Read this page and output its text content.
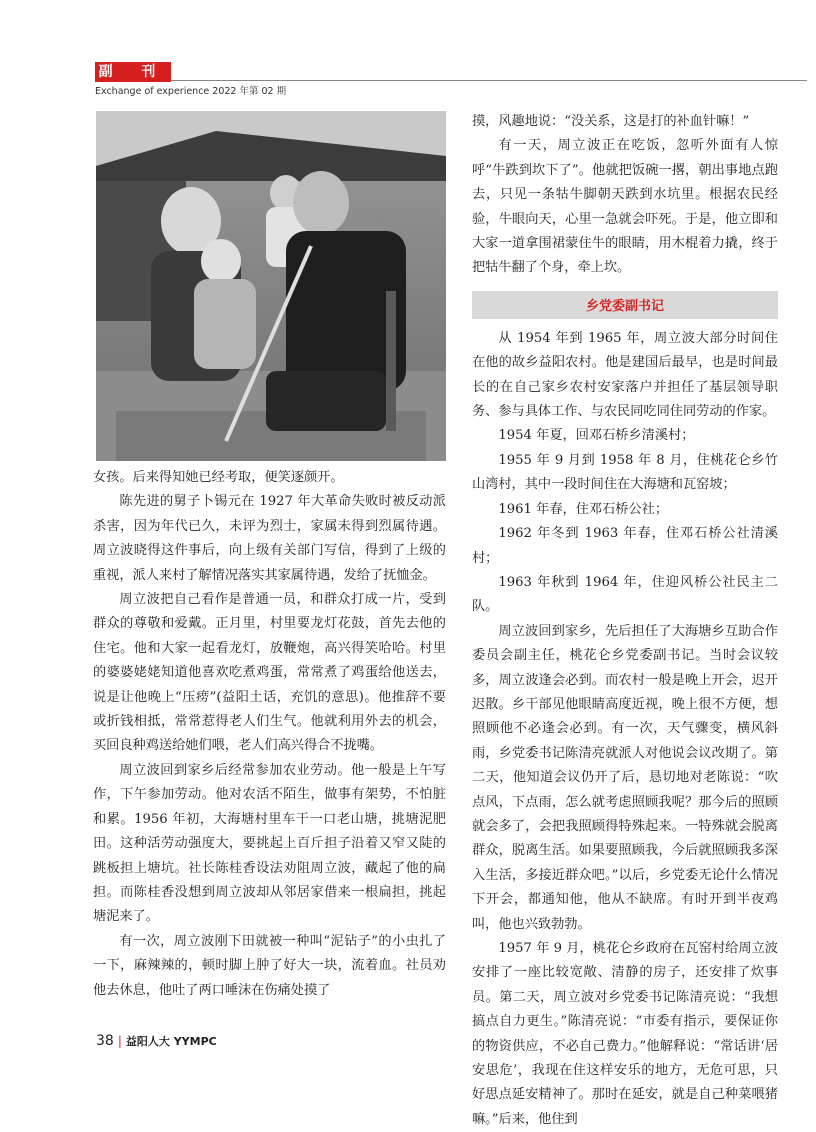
副 刊
Exchange of experience 2022 年第 02 期

女孩。后来得知她已经考取，便笑逐颜开。

陈先进的舅子卜锡元在 1927 年大革命失败时被反动派杀害，因为年代已久，未评为烈士，家属未得到烈属待遇。周立波晓得这件事后，向上级有关部门写信，得到了上级的重视，派人来村了解情况落实其家属待遇，发给了抚恤金。

周立波把自己看作是普通一员，和群众打成一片，受到群众的尊敬和爱戴。正月里，村里要龙灯花鼓，首先去他的住宅。他和大家一起看龙灯，放鞭炮，高兴得笑哈哈。村里的婆婆姥姥知道他喜欢吃煮鸡蛋，常常煮了鸡蛋给他送去，说是让他晚上“压痨”(益阳土话，充饥的意思)。他推辞不要或折钱相抵，常常惹得老人们生气。他就利用外去的机会，买回良种鸡送给她们喂，老人们高兴得合不拢嘴。

周立波回到家乡后经常参加农业劳动。他一般是上午写作，下午参加劳动。他对农活不陌生，做事有架势，不怕脏和累。1956 年初，大海塘村里车干一口老山塘，挑塘泥肥田。这种活劳动强度大，要挑起上百斤担子沿着又窄又陡的跳板担上塘坑。社长陈桂香设法劝阻周立波，藏起了他的扁担。而陈桂香没想到周立波却从邻居家借来一根扁担，挑起塘泥来了。

有一次，周立波刚下田就被一种叫“泥钻子”的小虫扎了一下，麻辣辣的，顿时脚上肿了好大一块，流着血。社员劝他去休息，他吐了两口唾沫在伤痛处摸了

摸，风趣地说：“没关系，这是打的补血针嘛！”

有一天，周立波正在吃饭，忽听外面有人惊呼“牛跌到坎下了”。他就把饭碗一撂，朝出事地点跑去，只见一条牯牛脚朝天跌到水坑里。根据农民经验，牛眼向天，心里一急就会吓死。于是，他立即和大家一道拿围裙蒙住牛的眼睛，用木棍着力撬，终于把牯牛翻了个身，牵上坎。

乡党委副书记

从 1954 年到 1965 年，周立波大部分时间住在他的故乡益阳农村。他是建国后最早，也是时间最长的在自己家乡农村安家落户并担任了基层领导职务、参与具体工作、与农民同吃同住同劳动的作家。

1954 年夏，回邓石桥乡清溪村；

1955 年 9 月到 1958 年 8 月，住桃花仑乡竹山湾村，其中一段时间住在大海塘和瓦窑坡；

1961 年春，住邓石桥公社；

1962 年冬到 1963 年春，住邓石桥公社清溪村；

1963 年秋到 1964 年，住迎风桥公社民主二队。

周立波回到家乡，先后担任了大海塘乡互助合作委员会副主任，桃花仑乡党委副书记。当时会议较多，周立波逢会必到。而农村一般是晚上开会，迟开迟散。乡干部见他眼睛高度近视，晚上很不方便，想照顾他不必逢会必到。有一次，天气骤变，横风斜雨，乡党委书记陈清亮就派人对他说会议改期了。第二天，他知道会议仍开了后，恳切地对老陈说：“吹点风，下点雨，怎么就考虑照顾我呢？那今后的照顾就会多了，会把我照顾得特殊起来。一特殊就会脱离群众，脱离生活。如果要照顾我，今后就照顾我多深入生活，多接近群众吧。”以后，乡党委无论什么情况下开会，都通知他，他从不缺席。有时开到半夜鸡叫，他也兴致勃勃。

1957 年 9 月，桃花仑乡政府在瓦窑村给周立波安排了一座比较宽敞、清静的房子，还安排了炊事员。第二天，周立波对乡党委书记陈清亮说：“我想搞点自力更生。”陈清亮说：“市委有指示，要保证你的物资供应，不必自己费力。”他解释说：“常话讲‘居安思危’，我现在住这样安乐的地方，无危可思，只好思点延安精神了。那时在延安，就是自己种菜喂猪嘛。”后来，他住到

38 | 益阳人大 YYMPC
